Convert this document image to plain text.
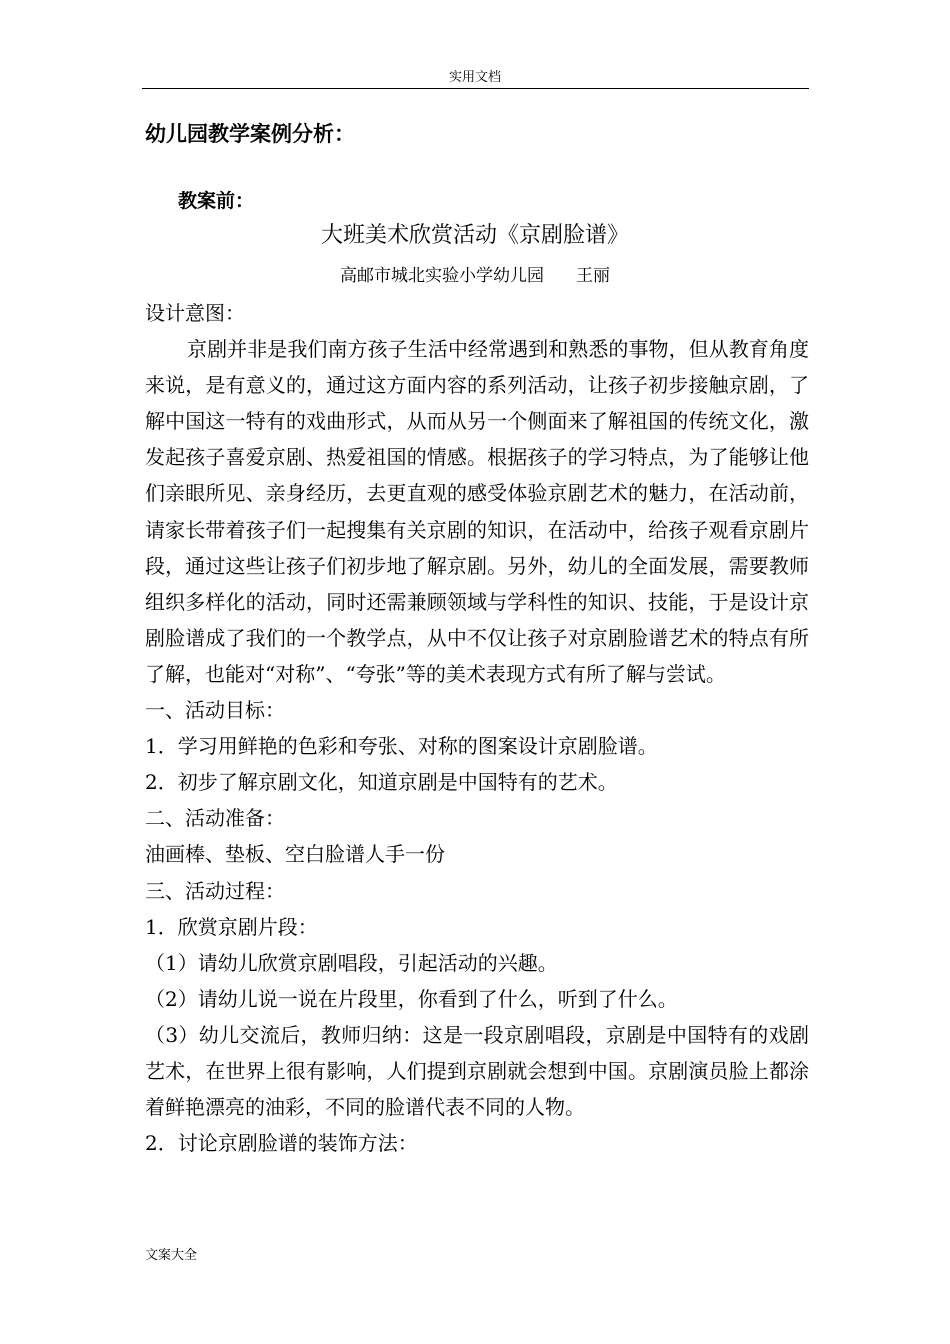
实用文档
幼儿园教学案例分析：
教案前：
大班美术欣赏活动《京剧脸谱》
高邮市城北实验小学幼儿园 王丽

设计意图：

京剧并非是我们南方孩子生活中经常遇到和熟悉的事物，但从教育角度来说，是有意义的，通过这方面内容的系列活动，让孩子初步接触京剧，了解中国这一特有的戏曲形式，从而从另一个侧面来了解祖国的传统文化，激发起孩子喜爱京剧、热爱祖国的情感。根据孩子的学习特点，为了能够让他们亲眼所见、亲身经历，去更直观的感受体验京剧艺术的魅力，在活动前，请家长带着孩子们一起搜集有关京剧的知识，在活动中，给孩子观看京剧片段，通过这些让孩子们初步地了解京剧。另外，幼儿的全面发展，需要教师组织多样化的活动，同时还需兼顾领域与学科性的知识、技能，于是设计京剧脸谱成了我们的一个教学点，从中不仅让孩子对京剧脸谱艺术的特点有所了解，也能对“对称”、“夸张”等的美术表现方式有所了解与尝试。

一、活动目标：

1．学习用鲜艳的色彩和夸张、对称的图案设计京剧脸谱。

2．初步了解京剧文化，知道京剧是中国特有的艺术。

二、活动准备：

油画棒、垫板、空白脸谱人手一份

三、活动过程：

1．欣赏京剧片段：

（1）请幼儿欣赏京剧唱段，引起活动的兴趣。

（2）请幼儿说一说在片段里，你看到了什么，听到了什么。

（3）幼儿交流后，教师归纳：这是一段京剧唱段，京剧是中国特有的戏剧艺术，在世界上很有影响，人们提到京剧就会想到中国。京剧演员脸上都涂着鲜艳漂亮的油彩，不同的脸谱代表不同的人物。

2．讨论京剧脸谱的装饰方法：

文案大全
